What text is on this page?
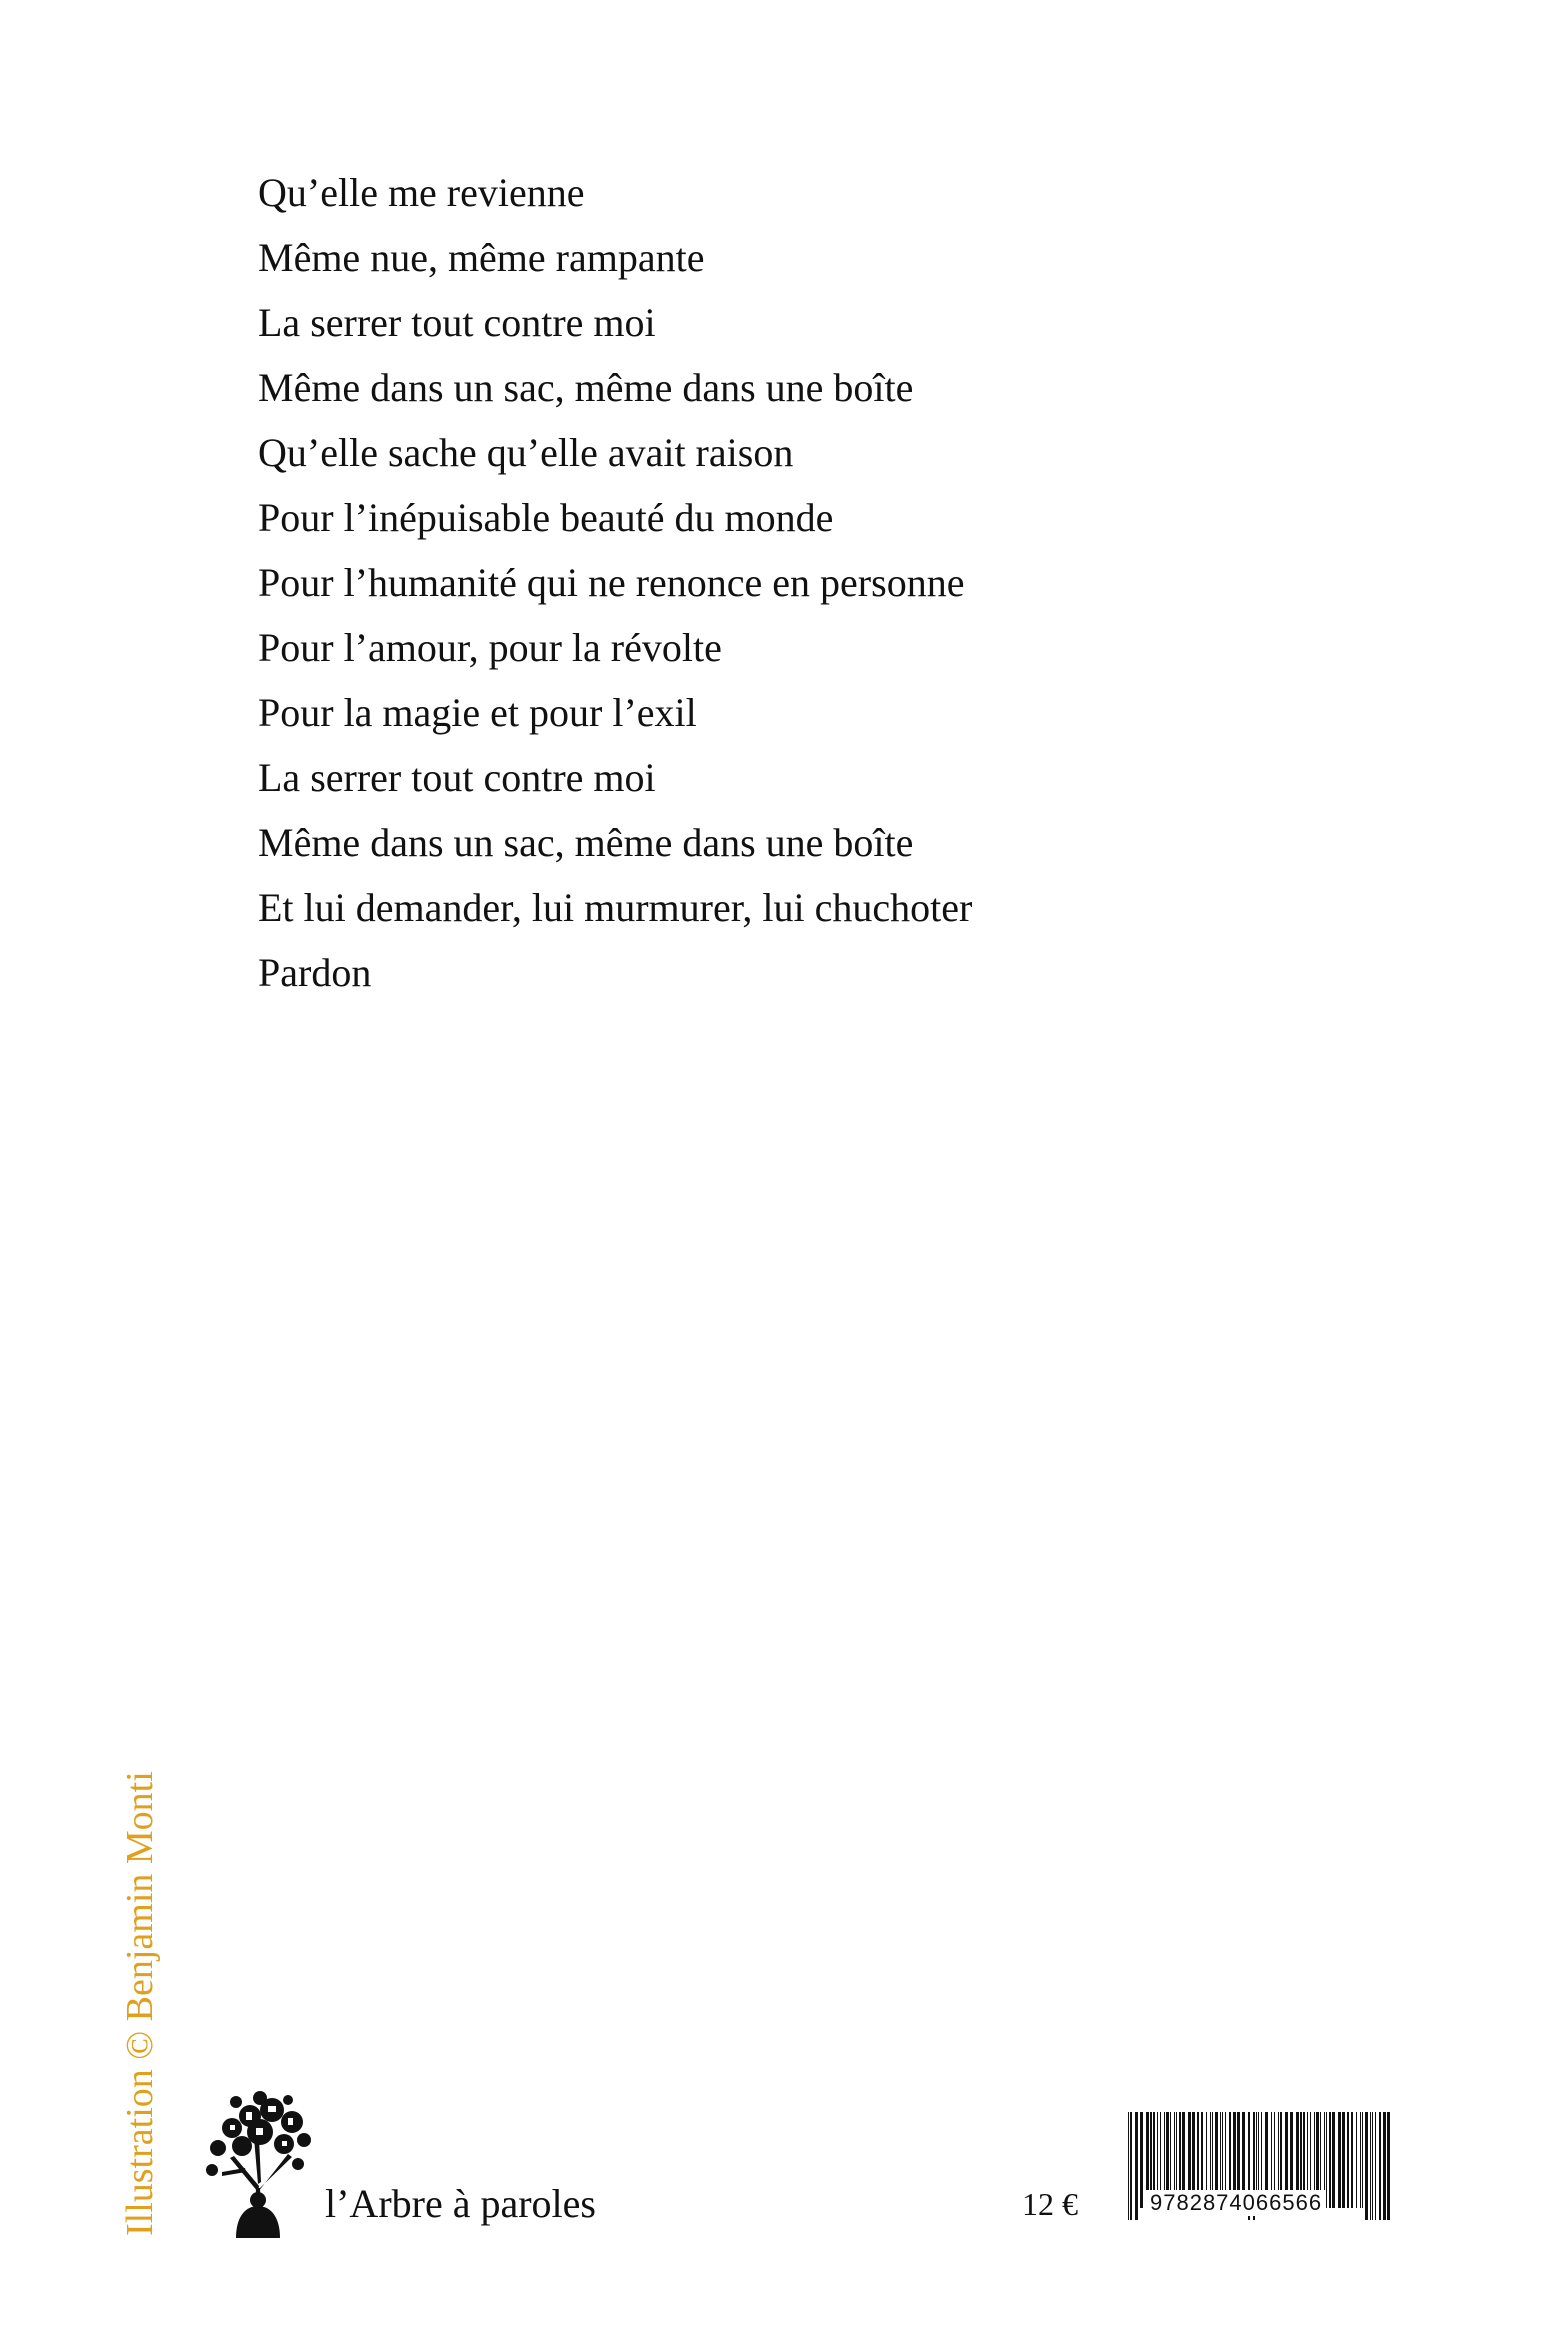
Qu’elle me revienne
Même nue, même rampante
La serrer tout contre moi
Même dans un sac, même dans une boîte
Qu’elle sache qu’elle avait raison
Pour l’inépuisable beauté du monde
Pour l’humanité qui ne renonce en personne
Pour l’amour, pour la révolte
Pour la magie et pour l’exil
La serrer tout contre moi
Même dans un sac, même dans une boîte
Et lui demander, lui murmurer, lui chuchoter
Pardon
Illustration © Benjamin Monti	l’Arbre à paroles	12 €	9782874066566
